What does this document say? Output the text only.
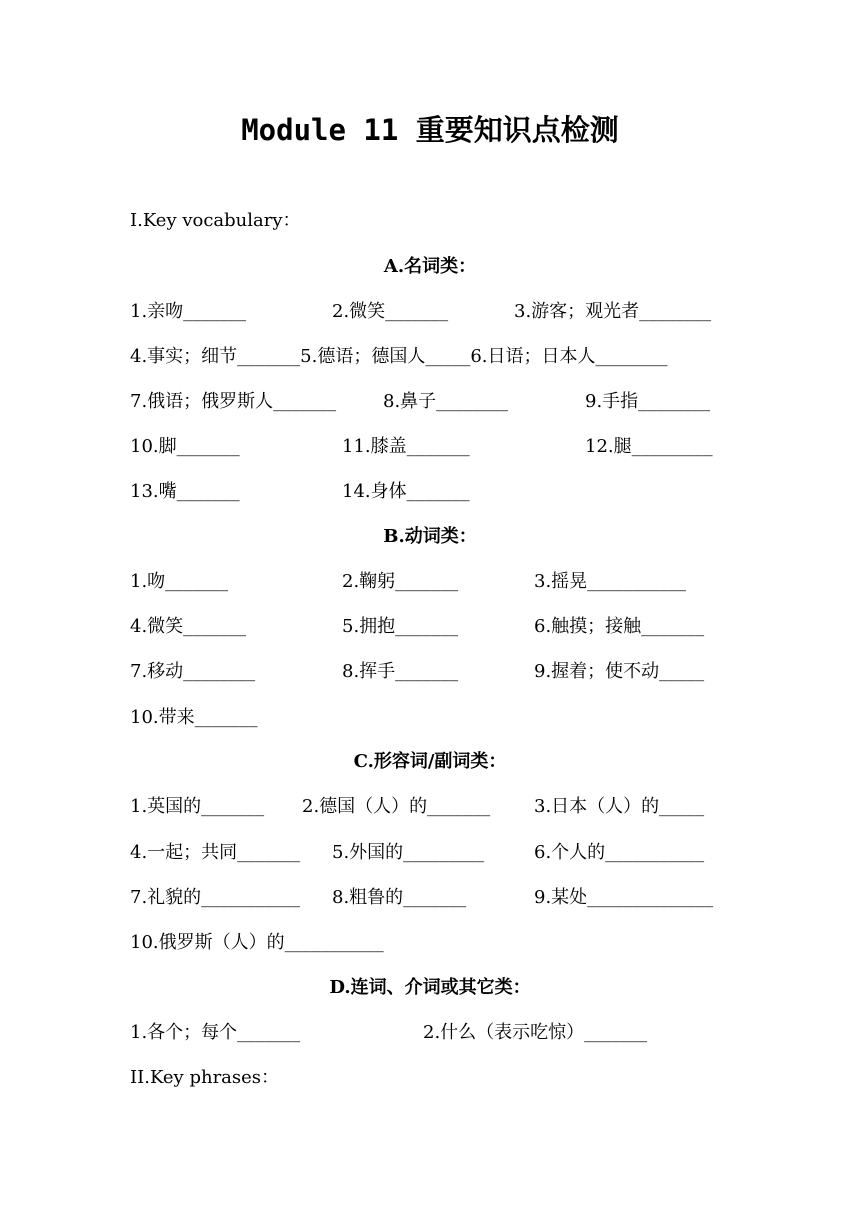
Module 11 重要知识点检测
I.Key vocabulary：
A.名词类：
1.亲吻_______	2.微笑_______	3.游客；观光者________
4.事实；细节_______5.德语；德国人_____6.日语；日本人________
7.俄语；俄罗斯人_______	8.鼻子________	9.手指________
10.脚_______	11.膝盖_______	12.腿_________
13.嘴_______	14.身体_______
B.动词类：
1.吻_______	2.鞠躬_______	3.摇晃___________
4.微笑_______	5.拥抱_______	6.触摸；接触_______
7.移动________	8.挥手_______	9.握着；使不动_____
10.带来_______
C.形容词/副词类：
1.英国的_______ 2.德国（人）的_______ 3.日本（人）的_____
4.一起；共同_______ 5.外国的_________	6.个人的___________
7.礼貌的___________ 8.粗鲁的_______	9.某处______________
10.俄罗斯（人）的___________
D.连词、介词或其它类：
1.各个；每个_______	2.什么（表示吃惊）_______
II.Key phrases：
